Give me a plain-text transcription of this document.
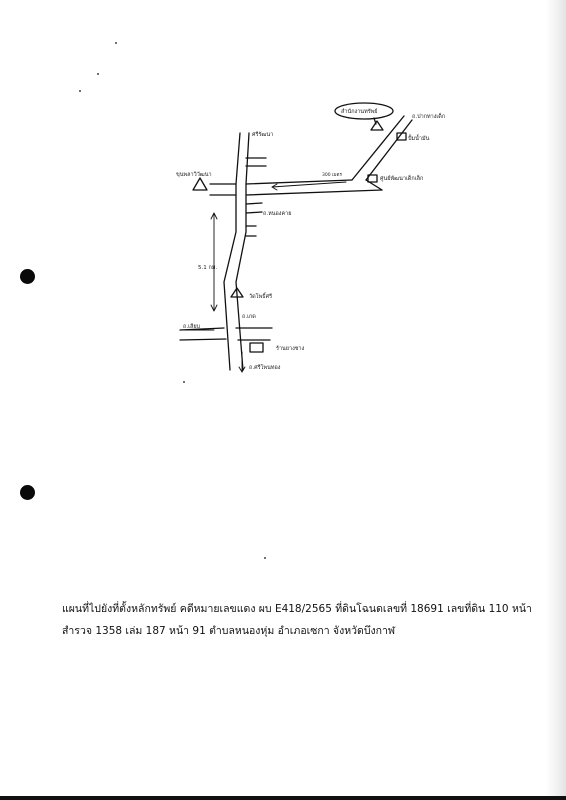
สำนักงานทรัพย์
ถ.ปากทางเด็ก
ศรีรัฒนา
ปั้มน้ำมัน
ขุนพลาวิวัฒนา
ศูนย์พัฒนาเด็กเล็ก
300 เมตร
ถ.หนองคาย
5.1 กม.
วัดโพธิ์ศรี
ถ.เกด
ถ.เลียบ
ร้านยางชาง
ถ.ศรีโพนทอง
แผนที่ไปยังที่ตั้งหลักทรัพย์ คดีหมายเลขแดง ผบ E418/2565 ที่ดินโฉนดเลขที่ 18691 เลขที่ดิน 110 หน้า
สำรวจ 1358 เล่ม 187 หน้า 91 ตำบลหนองหุ่ม อำเภอเซกา จังหวัดบึงกาฬ
